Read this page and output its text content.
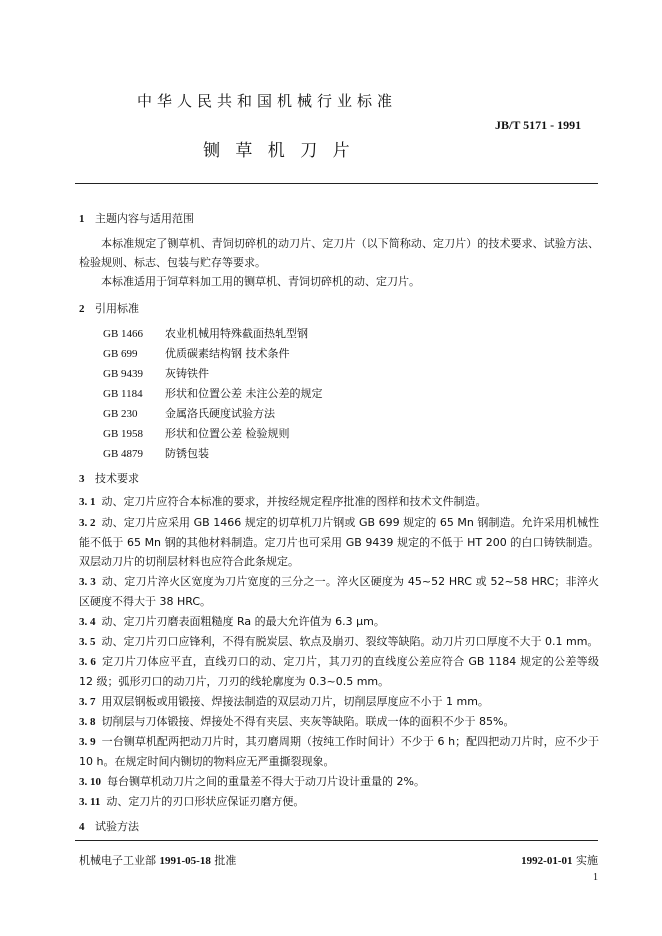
中华人民共和国机械行业标准
JB/T 5171 - 1991
铡 草 机 刀 片
1 主题内容与适用范围
本标准规定了铡草机、青饲切碎机的动刀片、定刀片（以下简称动、定刀片）的技术要求、试验方法、检验规则、标志、包装与贮存等要求。
本标准适用于饲草料加工用的铡草机、青饲切碎机的动、定刀片。
2 引用标准
GB 1466 农业机械用特殊截面热轧型钢
GB 699 优质碳素结构钢 技术条件
GB 9439 灰铸铁件
GB 1184 形状和位置公差 未注公差的规定
GB 230 金属洛氏硬度试验方法
GB 1958 形状和位置公差 检验规则
GB 4879 防锈包装
3 技术要求
3. 1 动、定刀片应符合本标准的要求，并按经规定程序批准的图样和技术文件制造。
3. 2 动、定刀片应采用 GB 1466 规定的切草机刀片钢或 GB 699 规定的 65 Mn 钢制造。允许采用机械性能不低于 65 Mn 钢的其他材料制造。定刀片也可采用 GB 9439 规定的不低于 HT 200 的白口铸铁制造。双层动刀片的切削层材料也应符合此条规定。
3. 3 动、定刀片淬火区宽度为刀片宽度的三分之一。淬火区硬度为 45~52 HRC 或 52~58 HRC；非淬火区硬度不得大于 38 HRC。
3. 4 动、定刀片刃磨表面粗糙度 Ra 的最大允许值为 6.3 μm。
3. 5 动、定刀片刃口应锋利，不得有脱炭层、软点及崩刃、裂纹等缺陷。动刀片刃口厚度不大于 0.1 mm。
3. 6 定刀片刀体应平直，直线刃口的动、定刀片，其刀刃的直线度公差应符合 GB 1184 规定的公差等级 12 级；弧形刃口的动刀片，刀刃的线轮廓度为 0.3~0.5 mm。
3. 7 用双层钢板或用锻接、焊接法制造的双层动刀片，切削层厚度应不小于 1 mm。
3. 8 切削层与刀体锻接、焊接处不得有夹层、夹灰等缺陷。联成一体的面积不少于 85%。
3. 9 一台铡草机配两把动刀片时，其刃磨周期（按纯工作时间计）不少于 6 h；配四把动刀片时，应不少于 10 h。在规定时间内铡切的物料应无严重撕裂现象。
3. 10 每台铡草机动刀片之间的重量差不得大于动刀片设计重量的 2%。
3. 11 动、定刀片的刃口形状应保证刃磨方便。
4 试验方法
机械电子工业部 1991-05-18 批准	1992-01-01 实施
1
